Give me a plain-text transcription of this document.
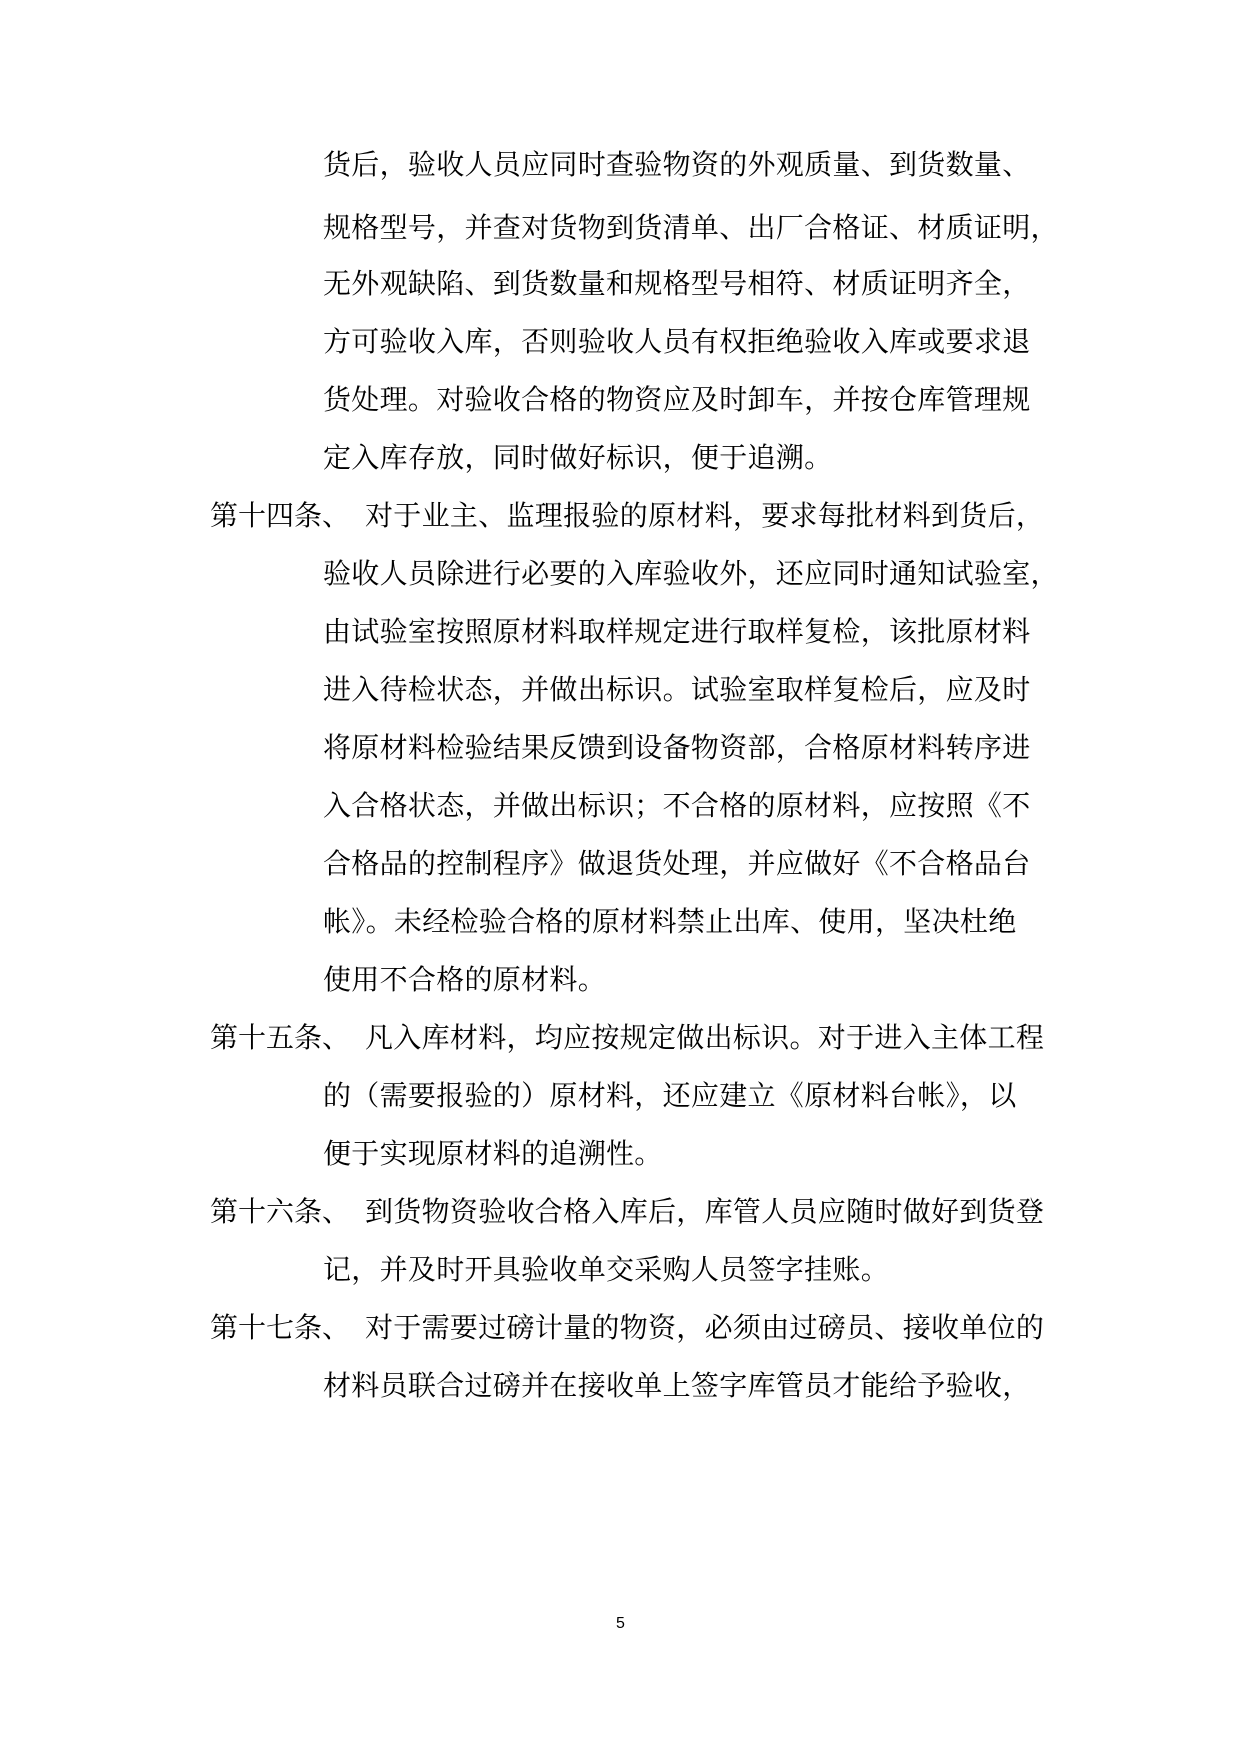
货后，验收人员应同时查验物资的外观质量、到货数量、
规格型号，并查对货物到货清单、出厂合格证、材质证明，
无外观缺陷、到货数量和规格型号相符、材质证明齐全，
方可验收入库，否则验收人员有权拒绝验收入库或要求退
货处理。对验收合格的物资应及时卸车，并按仓库管理规
定入库存放，同时做好标识，便于追溯。
第十四条、 对于业主、监理报验的原材料，要求每批材料到货后，
验收人员除进行必要的入库验收外，还应同时通知试验室，
由试验室按照原材料取样规定进行取样复检，该批原材料
进入待检状态，并做出标识。试验室取样复检后，应及时
将原材料检验结果反馈到设备物资部，合格原材料转序进
入合格状态，并做出标识；不合格的原材料，应按照《不
合格品的控制程序》做退货处理，并应做好《不合格品台
帐》。未经检验合格的原材料禁止出库、使用，坚决杜绝
使用不合格的原材料。
第十五条、 凡入库材料，均应按规定做出标识。对于进入主体工程
的（需要报验的）原材料，还应建立《原材料台帐》，以
便于实现原材料的追溯性。
第十六条、 到货物资验收合格入库后，库管人员应随时做好到货登
记，并及时开具验收单交采购人员签字挂账。
第十七条、 对于需要过磅计量的物资，必须由过磅员、接收单位的
材料员联合过磅并在接收单上签字库管员才能给予验收，
5
